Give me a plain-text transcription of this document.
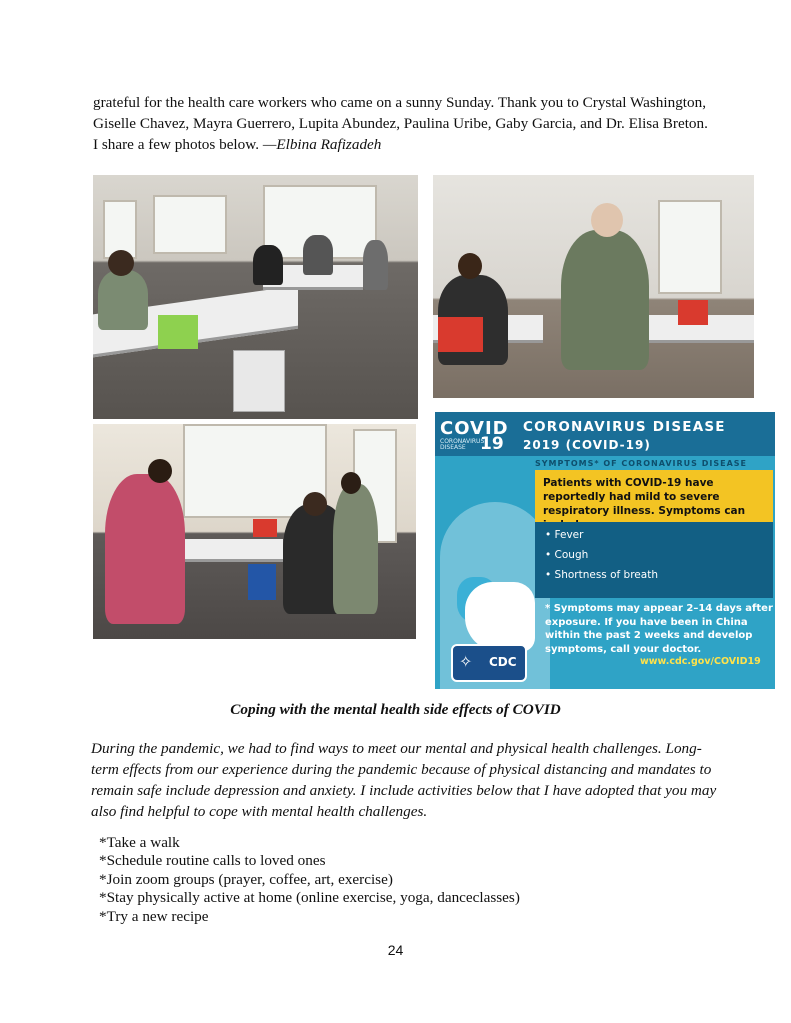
grateful for the health care workers who came on a sunny Sunday. Thank you to Crystal Washington, Giselle Chavez, Mayra Guerrero, Lupita Abundez, Paulina Uribe, Gaby Garcia, and Dr. Elisa Breton. I share a few photos below. —Elbina Rafizadeh
COVID
CORONAVIRUS DISEASE 19
CORONAVIRUS DISEASE
2019 (COVID-19)
SYMPTOMS* OF CORONAVIRUS DISEASE

Patients with COVID-19 have reportedly had mild to severe respiratory illness. Symptoms can

• Fever
• Cough
• Shortness of breath
* Symptoms may appear 2–14 days after exposure. If you have been in China within the past 2 weeks and develop symptoms, call your doctor.
✧ CDC	www.cdc.gov/COVID19
Coping with the mental health side effects of COVID
During the pandemic, we had to find ways to meet our mental and physical health challenges. Long-term effects from our experience during the pandemic because of physical distancing and mandates to remain safe include depression and anxiety. I include activities below that I have adopted that you may also find helpful to cope with mental health challenges.
*Take a walk
*Schedule routine calls to loved ones
*Join zoom groups (prayer, coffee, art, exercise)
*Stay physically active at home (online exercise, yoga, danceclasses)
*Try a new recipe
24
